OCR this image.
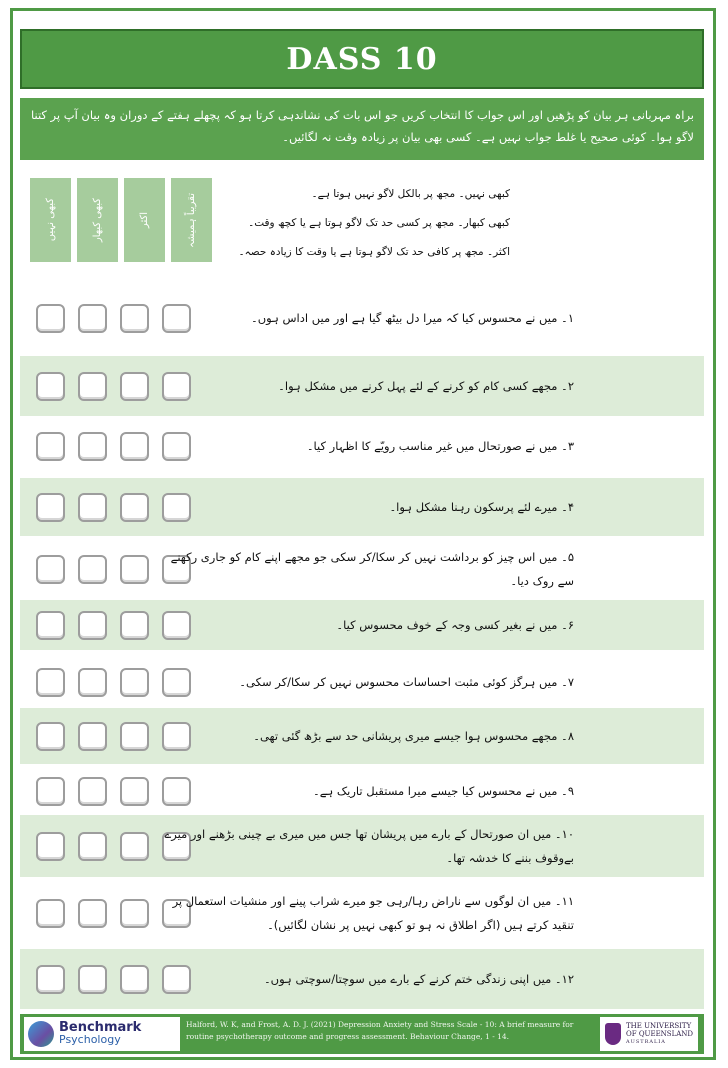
DASS 10
براہ مہربانی ہر بیان کو پڑھیں اور اس جواب کا انتخاب کریں جو اس بات کی نشاندہی کرتا ہو کہ پچھلے ہفتے کے دوران وہ بیان آپ پر کتنا لاگو ہوا۔ کوئی صحیح یا غلط جواب نہیں ہے۔ کسی بھی بیان پر زیادہ وقت نہ لگائیں۔
کبھی نہیں	کبھی کبھار	اکثر	تقریباً ہمیشہ	کبھی نہیں۔ مجھ پر بالکل لاگو نہیں ہوتا ہے۔
کبھی کبھار۔ مجھ پر کسی حد تک لاگو ہوتا ہے یا کچھ وقت۔
اکثر۔ مجھ پر کافی حد تک لاگو ہوتا ہے یا وقت کا زیادہ حصہ۔
۱۔ میں نے محسوس کیا کہ میرا دل بیٹھ گیا ہے اور میں اداس ہوں۔
۲۔ مجھے کسی کام کو کرنے کے لئے پہل کرنے میں مشکل ہوا۔
۳۔ میں نے صورتحال میں غیر مناسب رویّے کا اظہار کیا۔
۴۔ میرے لئے پرسکون رہنا مشکل ہوا۔
۵۔ میں اس چیز کو برداشت نہیں کر سکا/کر سکی جو مجھے اپنے کام کو جاری رکھنے سے روک دیا۔
۶۔ میں نے بغیر کسی وجہ کے خوف محسوس کیا۔
۷۔ میں ہرگز کوئی مثبت احساسات محسوس نہیں کر سکا/کر سکی۔
۸۔ مجھے محسوس ہوا جیسے میری پریشانی حد سے بڑھ گئی تھی۔
۹۔ میں نے محسوس کیا جیسے میرا مستقبل تاریک ہے۔
۱۰۔ میں ان صورتحال کے بارے میں پریشان تھا جس میں میری بے چینی بڑھنے اور میرے بےوقوف بننے کا خدشہ تھا۔
۱۱۔ میں ان لوگوں سے ناراض رہا/رہی جو میرے شراب پینے اور منشیات استعمال پر تنقید کرتے ہیں (اگر اطلاق نہ ہو تو کبھی نہیں پر نشان لگائیں)۔
۱۲۔ میں اپنی زندگی ختم کرنے کے بارے میں سوچتا/سوچتی ہوں۔
Benchmark
Psychology
Halford, W. K, and Frost, A. D. J. (2021) Depression Anxiety and Stress Scale - 10: A brief measure for routine psychotherapy outcome and progress assessment. Behaviour Change, 1 - 14.
THE UNIVERSITY
OF QUEENSLAND
AUSTRALIA
